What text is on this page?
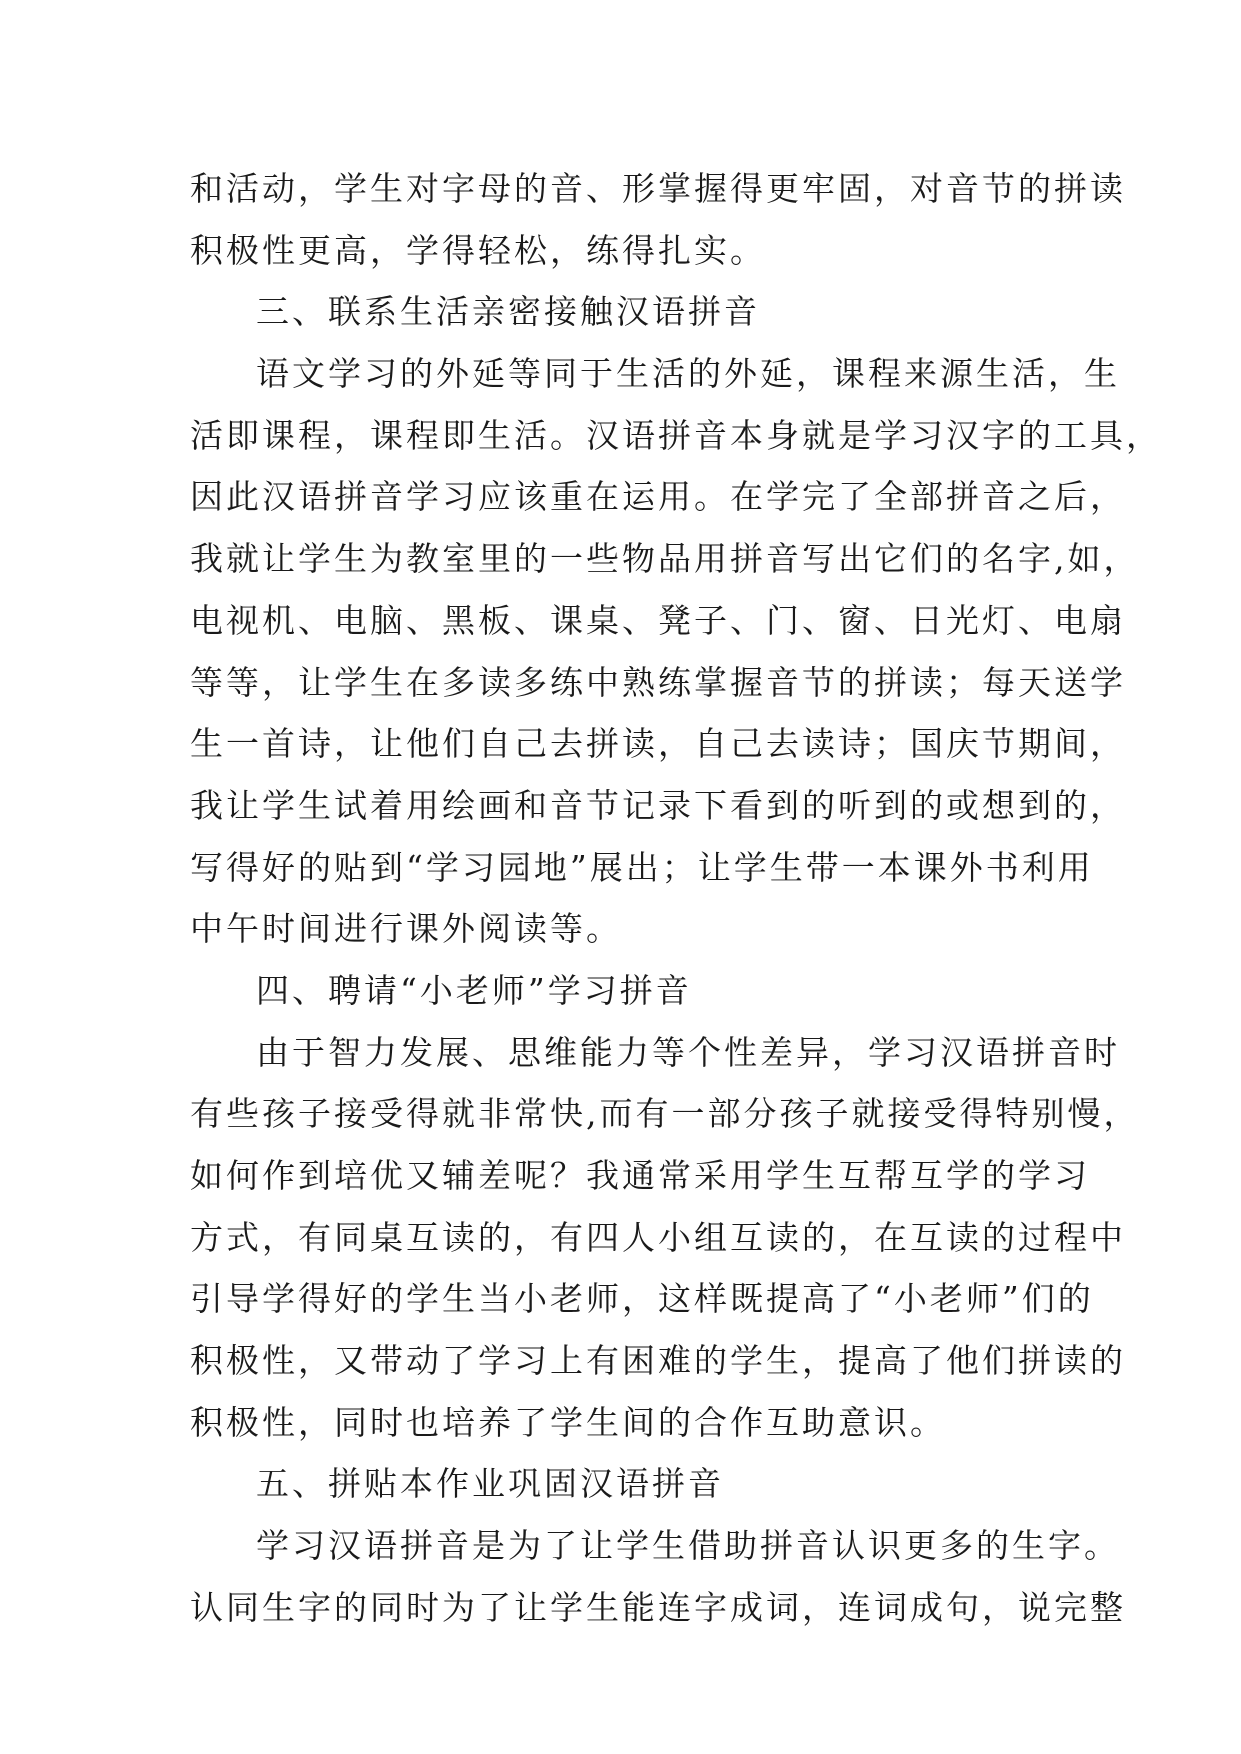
和活动，学生对字母的音、形掌握得更牢固，对音节的拼读
积极性更高，学得轻松，练得扎实。
三、联系生活亲密接触汉语拼音
语文学习的外延等同于生活的外延，课程来源生活，生
活即课程，课程即生活。汉语拼音本身就是学习汉字的工具，
因此汉语拼音学习应该重在运用。在学完了全部拼音之后，
我就让学生为教室里的一些物品用拼音写出它们的名字,如，
电视机、电脑、黑板、课桌、凳子、门、窗、日光灯、电扇
等等，让学生在多读多练中熟练掌握音节的拼读；每天送学
生一首诗，让他们自己去拼读，自己去读诗；国庆节期间，
我让学生试着用绘画和音节记录下看到的听到的或想到的，
写得好的贴到“学习园地”展出；让学生带一本课外书利用
中午时间进行课外阅读等。
四、聘请“小老师”学习拼音
由于智力发展、思维能力等个性差异，学习汉语拼音时
有些孩子接受得就非常快,而有一部分孩子就接受得特别慢，
如何作到培优又辅差呢？我通常采用学生互帮互学的学习
方式，有同桌互读的，有四人小组互读的，在互读的过程中
引导学得好的学生当小老师，这样既提高了“小老师”们的
积极性，又带动了学习上有困难的学生，提高了他们拼读的
积极性，同时也培养了学生间的合作互助意识。
五、拼贴本作业巩固汉语拼音
学习汉语拼音是为了让学生借助拼音认识更多的生字。
认同生字的同时为了让学生能连字成词，连词成句，说完整
